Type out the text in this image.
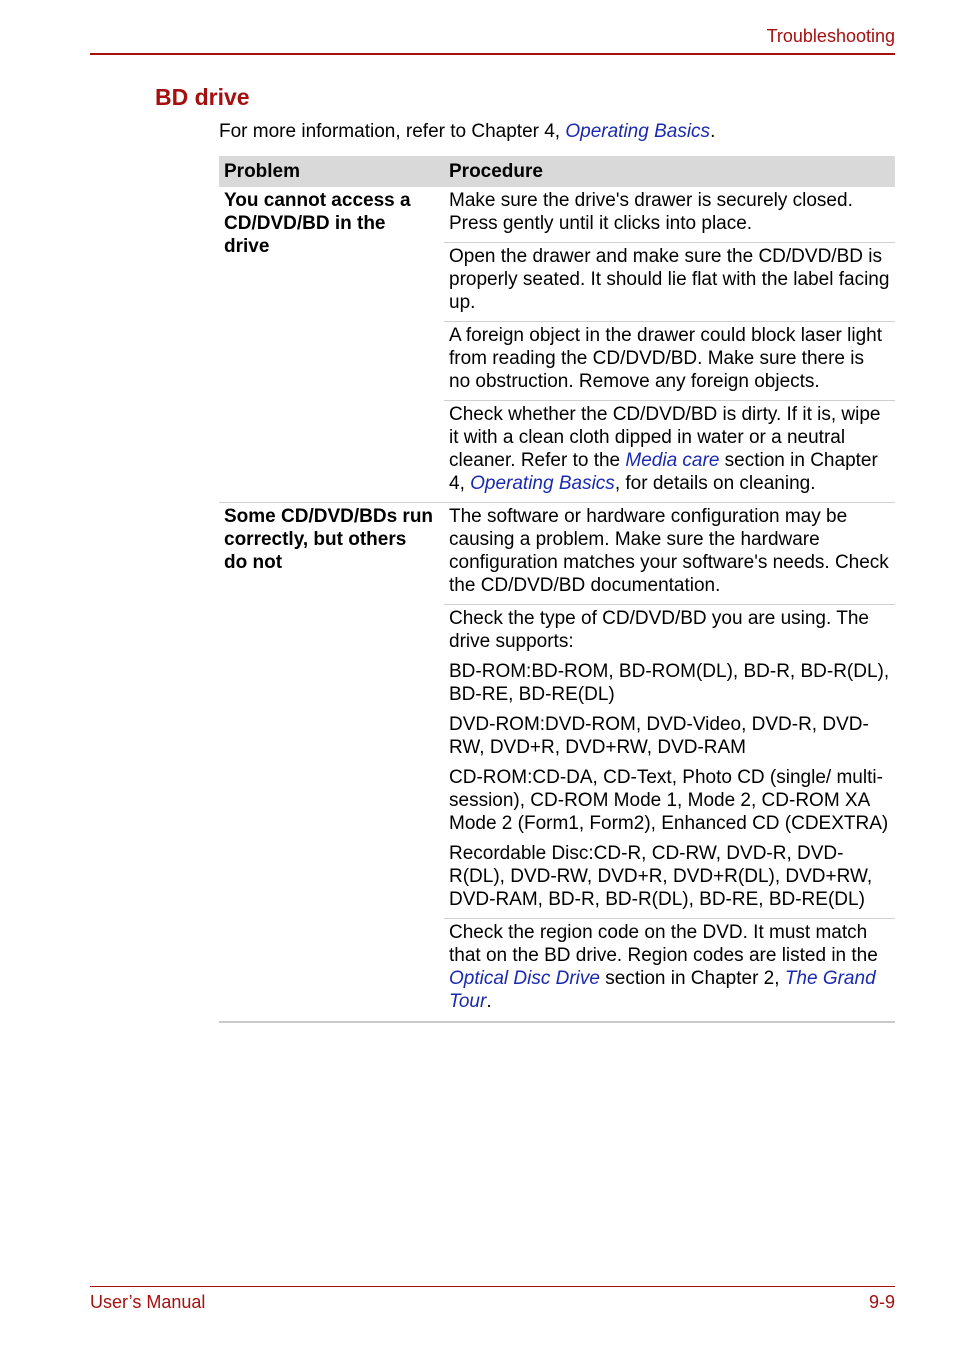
Troubleshooting
BD drive
For more information, refer to Chapter 4, Operating Basics.
Problem	Procedure
You cannot access a CD/DVD/BD in the drive

Make sure the drive's drawer is securely closed. Press gently until it clicks into place.

Open the drawer and make sure the CD/DVD/BD is properly seated. It should lie flat with the label facing up.

A foreign object in the drawer could block laser light from reading the CD/DVD/BD. Make sure there is no obstruction. Remove any foreign objects.

Check whether the CD/DVD/BD is dirty. If it is, wipe it with a clean cloth dipped in water or a neutral cleaner. Refer to the Media care section in Chapter 4, Operating Basics, for details on cleaning.

Some CD/DVD/BDs run correctly, but others do not

The software or hardware configuration may be causing a problem. Make sure the hardware configuration matches your software's needs. Check the CD/DVD/BD documentation.

Check the type of CD/DVD/BD you are using. The drive supports:

BD-ROM:BD-ROM, BD-ROM(DL), BD-R, BD-R(DL), BD-RE, BD-RE(DL)

DVD-ROM:DVD-ROM, DVD-Video, DVD-R, DVD-RW, DVD+R, DVD+RW, DVD-RAM

CD-ROM:CD-DA, CD-Text, Photo CD (single/ multi-session), CD-ROM Mode 1, Mode 2, CD-ROM XA Mode 2 (Form1, Form2), Enhanced CD (CDEXTRA)

Recordable Disc:CD-R, CD-RW, DVD-R, DVD-R(DL), DVD-RW, DVD+R, DVD+R(DL), DVD+RW, DVD-RAM, BD-R, BD-R(DL), BD-RE, BD-RE(DL)

Check the region code on the DVD. It must match that on the BD drive. Region codes are listed in the Optical Disc Drive section in Chapter 2, The Grand Tour.

User’s Manual	9-9
